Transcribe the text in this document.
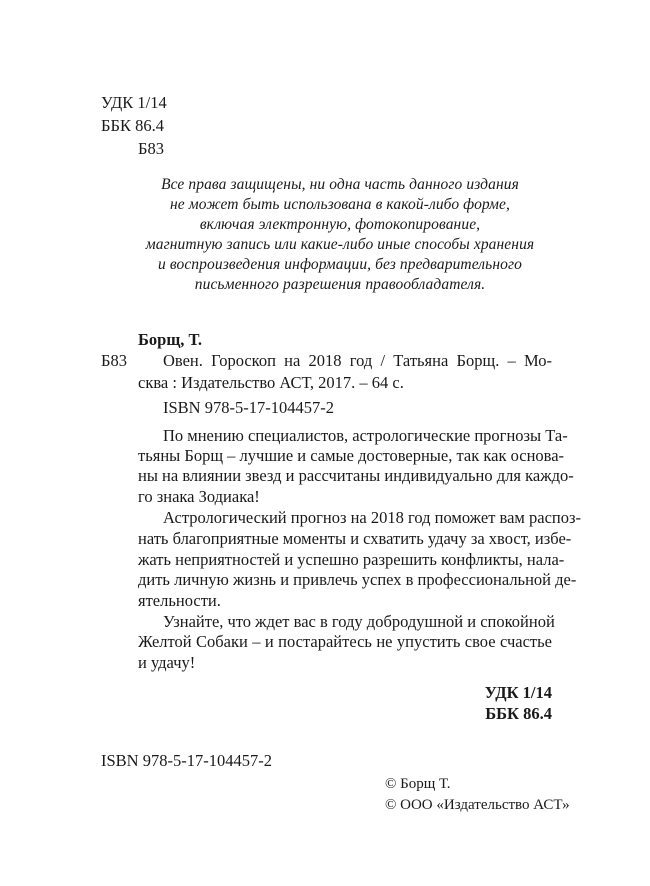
УДК 1/14
ББК 86.4
Б83
Все права защищены, ни одна часть данного издания
не может быть использована в какой-либо форме,
включая электронную, фотокопирование,
магнитную запись или какие-либо иные способы хранения
и воспроизведения информации, без предварительного
письменного разрешения правообладателя.
Борщ, Т.
Б83 Овен. Гороскоп на 2018 год / Татьяна Борщ. – Мо-
сква : Издательство АСТ, 2017. – 64 с.
ISBN 978-5-17-104457-2
По мнению специалистов, астрологические прогнозы Та-
тьяны Борщ – лучшие и самые достоверные, так как основа-
ны на влиянии звезд и рассчитаны индивидуально для каждо-
го знака Зодиака!
Астрологический прогноз на 2018 год поможет вам распоз-
нать благоприятные моменты и схватить удачу за хвост, избе-
жать неприятностей и успешно разрешить конфликты, нала-
дить личную жизнь и привлечь успех в профессиональной де-
ятельности.
Узнайте, что ждет вас в году добродушной и спокойной
Желтой Собаки – и постарайтесь не упустить свое счастье
и удачу!
УДК 1/14
ББК 86.4
ISBN 978-5-17-104457-2
© Борщ Т.
© ООО «Издательство АСТ»
